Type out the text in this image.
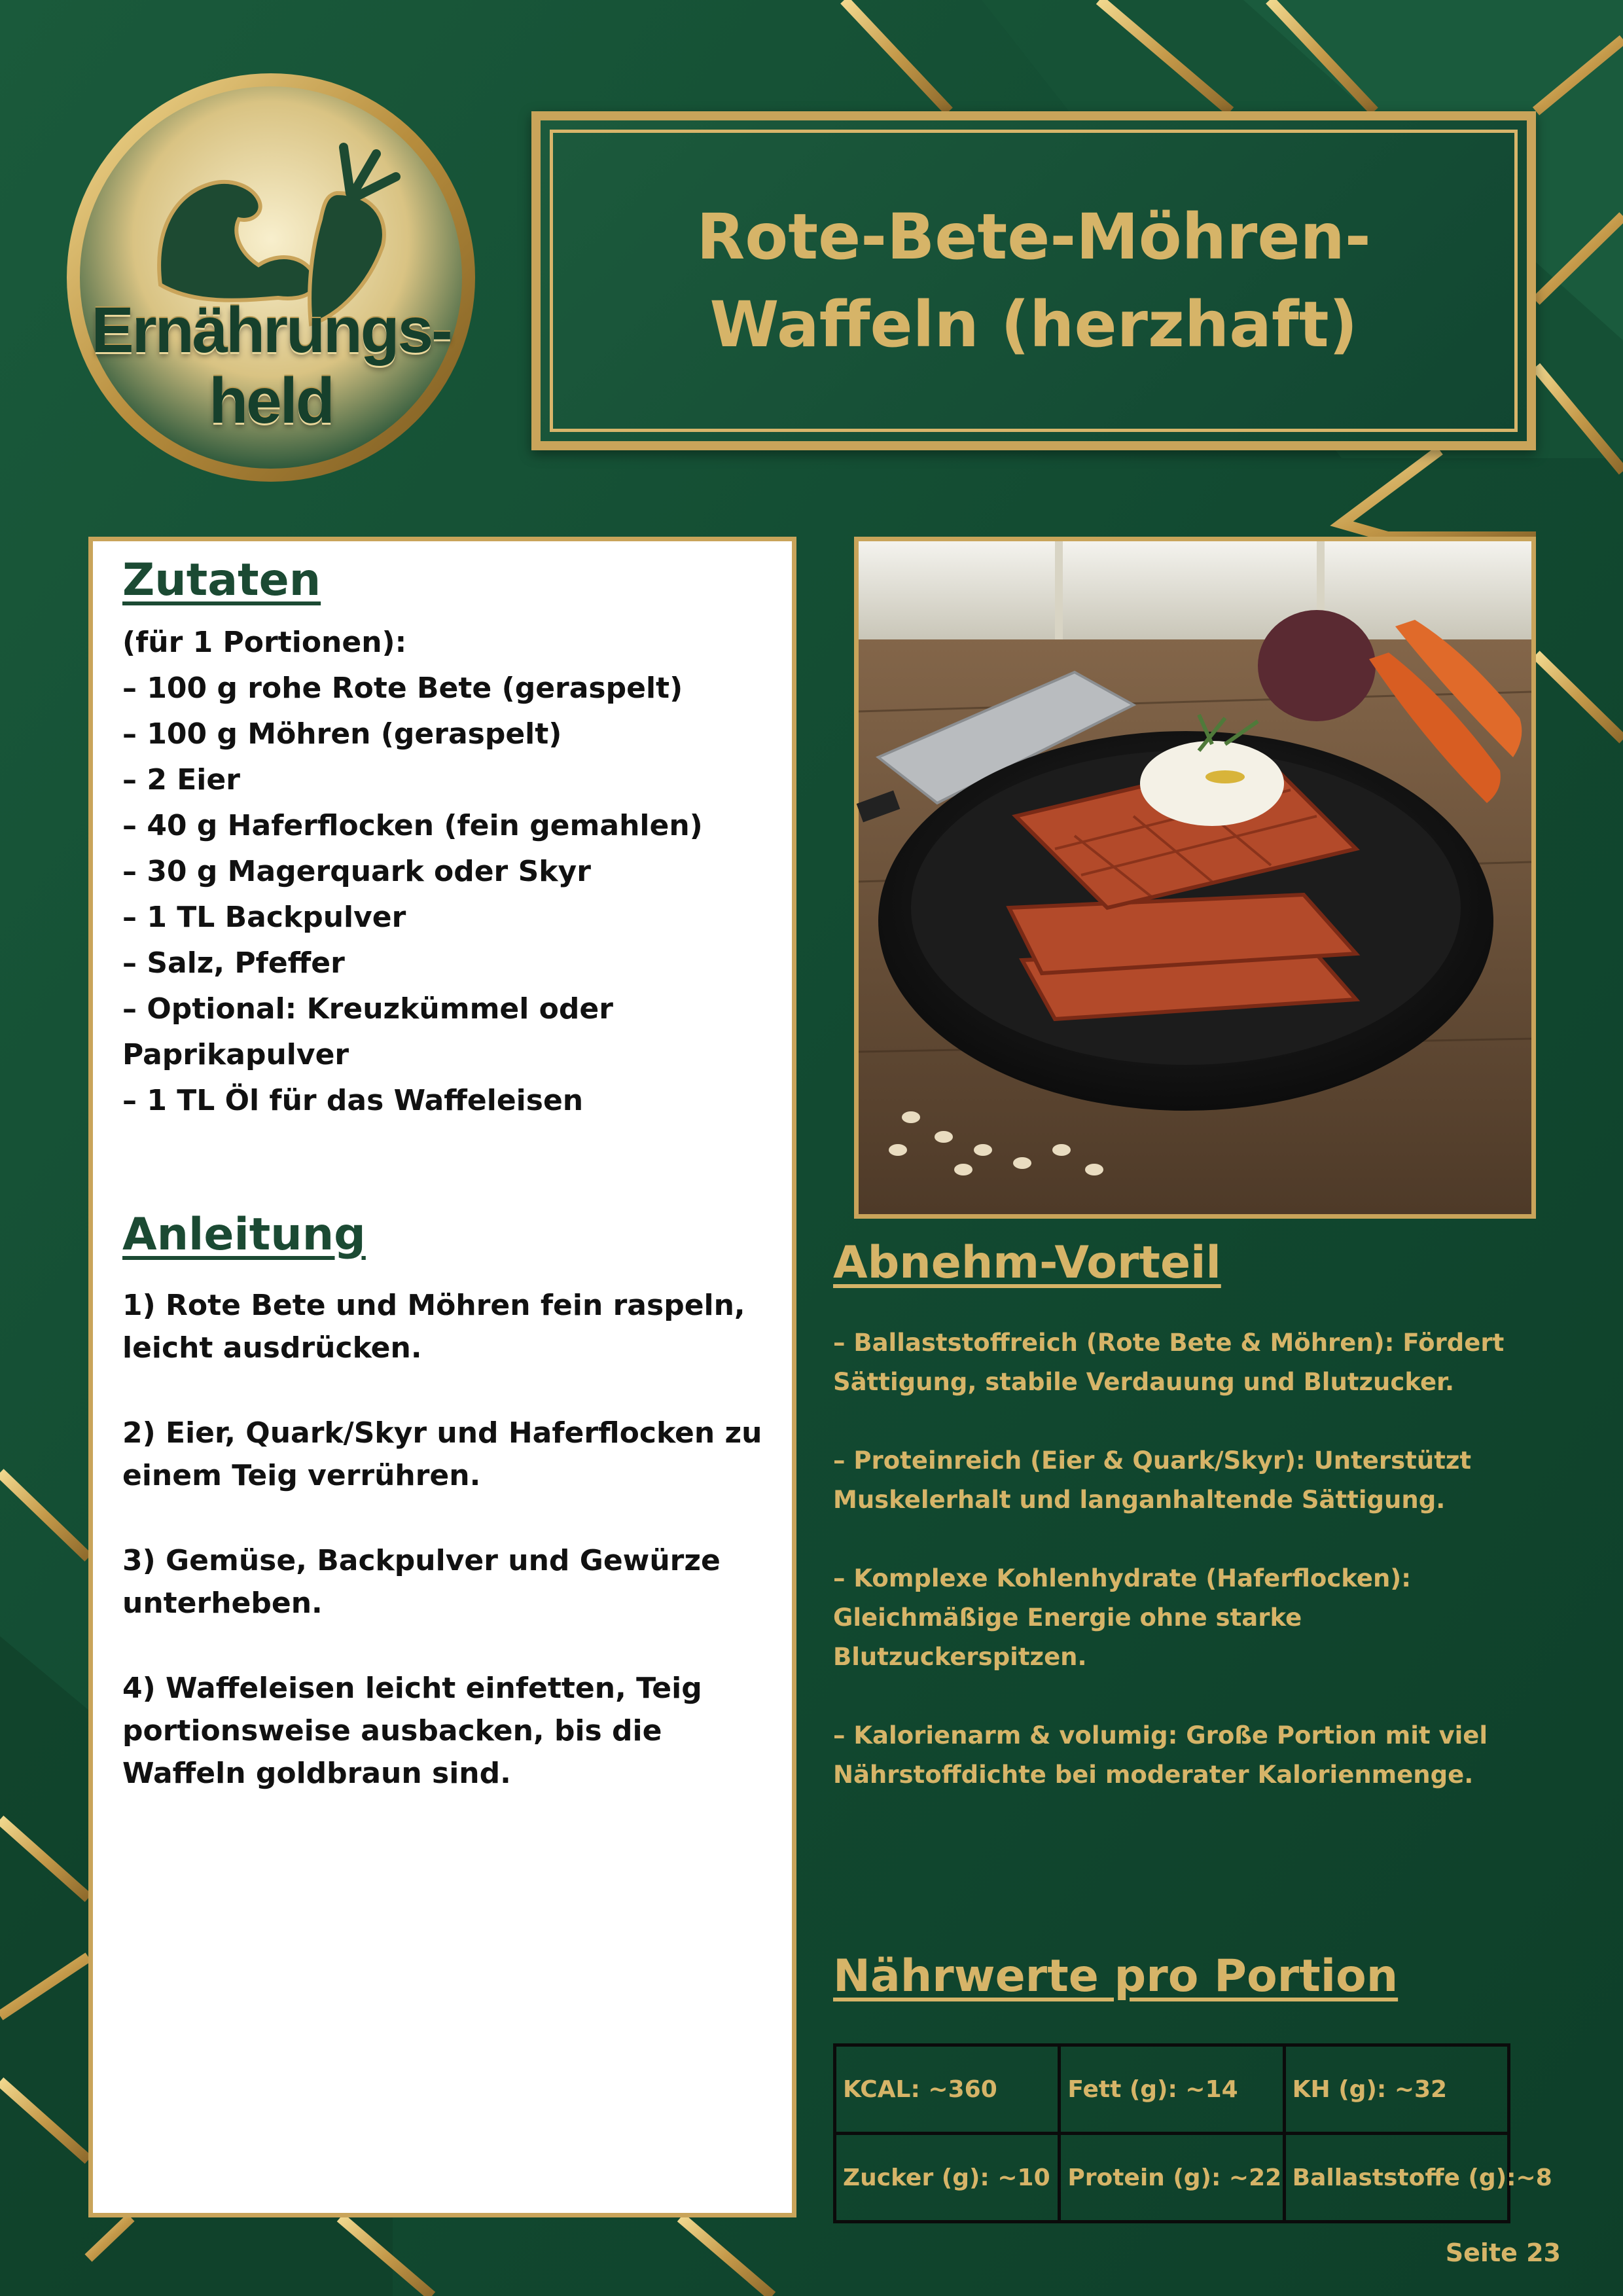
Ernährungs-
held
Rote-Bete-Möhren-Waffeln (herzhaft)
Zutaten
(für 1 Portionen):
– 100 g rohe Rote Bete (geraspelt)
– 100 g Möhren (geraspelt)
– 2 Eier
– 40 g Haferflocken (fein gemahlen)
– 30 g Magerquark oder Skyr
– 1 TL Backpulver
– Salz, Pfeffer
– Optional: Kreuzkümmel oder Paprikapulver
– 1 TL Öl für das Waffeleisen
Anleitung

1) Rote Bete und Möhren fein raspeln, leicht ausdrücken.

2) Eier, Quark/Skyr und Haferflocken zu einem Teig verrühren.

3) Gemüse, Backpulver und Gewürze unterheben.

4) Waffeleisen leicht einfetten, Teig portionsweise ausbacken, bis die Waffeln goldbraun sind.

Abnehm-Vorteil

– Ballaststoffreich (Rote Bete & Möhren): Fördert Sättigung, stabile Verdauung und Blutzucker.

– Proteinreich (Eier & Quark/Skyr): Unterstützt Muskelerhalt und langanhaltende Sättigung.

– Komplexe Kohlenhydrate (Haferflocken): Gleichmäßige Energie ohne starke Blutzuckerspitzen.

– Kalorienarm & volumig: Große Portion mit viel Nährstoffdichte bei moderater Kalorienmenge.

Nährwerte pro Portion
KCAL: ~360	Fett (g): ~14	KH (g): ~32
Zucker (g): ~10	Protein (g): ~22	Ballaststoffe (g):~8
Seite 23
